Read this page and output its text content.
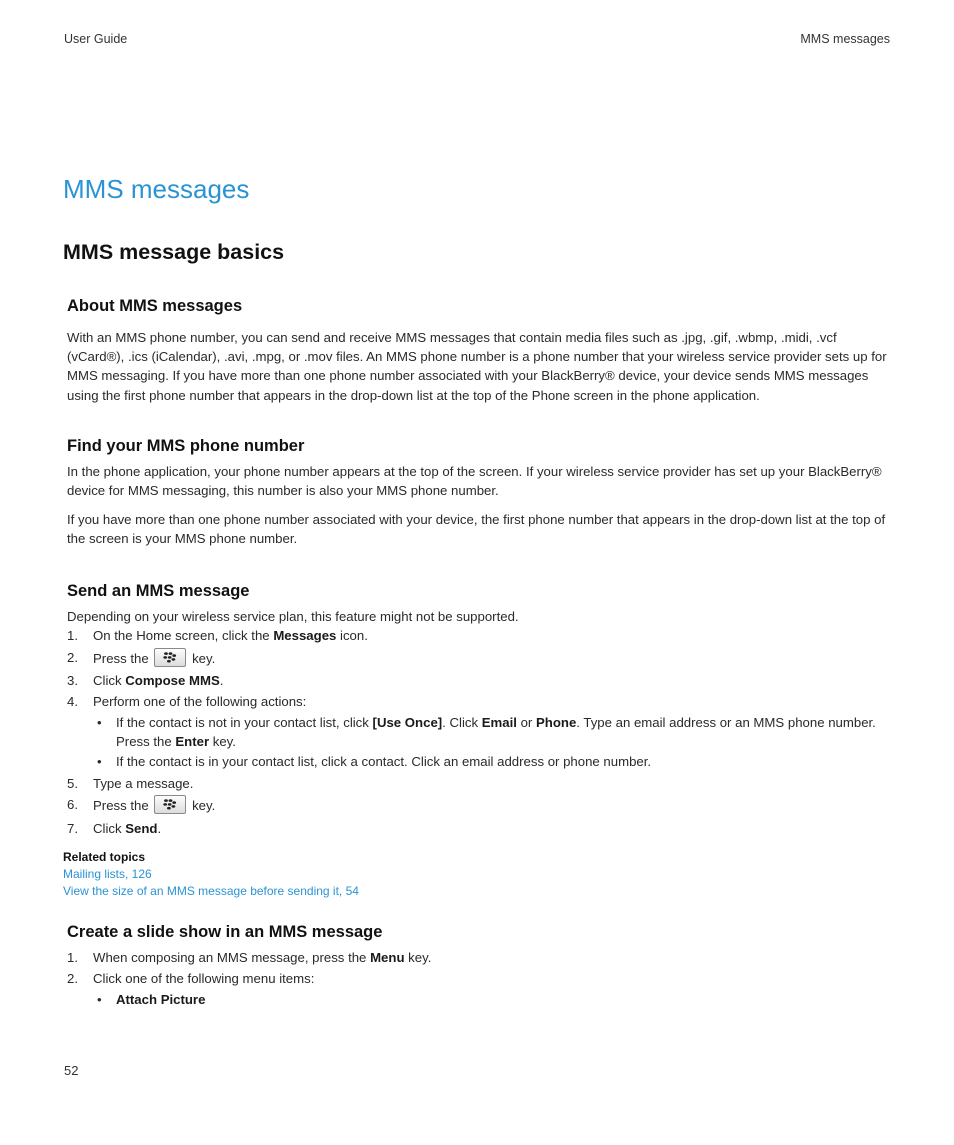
User Guide	MMS messages
MMS messages
MMS message basics
About MMS messages

With an MMS phone number, you can send and receive MMS messages that contain media files such as .jpg, .gif, .wbmp, .midi, .vcf (vCard®), .ics (iCalendar), .avi, .mpg, or .mov files. An MMS phone number is a phone number that your wireless service provider sets up for MMS messaging. If you have more than one phone number associated with your BlackBerry® device, your device sends MMS messages using the first phone number that appears in the drop-down list at the top of the Phone screen in the phone application.

Find your MMS phone number

In the phone application, your phone number appears at the top of the screen. If your wireless service provider has set up your BlackBerry® device for MMS messaging, this number is also your MMS phone number.

If you have more than one phone number associated with your device, the first phone number that appears in the drop-down list at the top of the screen is your MMS phone number.

Send an MMS message

Depending on your wireless service plan, this feature might not be supported.

1. On the Home screen, click the Messages icon.
2. Press the	key.
3. Click Compose MMS.
4. Perform one of the following actions:
• If the contact is not in your contact list, click [Use Once]. Click Email or Phone. Type an email address or an MMS phone number. Press the Enter key.
• If the contact is in your contact list, click a contact. Click an email address or phone number.
5. Type a message.
6. Press the	key.
7. Click Send.
Related topics
Mailing lists, 126
View the size of an MMS message before sending it, 54
Create a slide show in an MMS message
1. When composing an MMS message, press the Menu key.
2. Click one of the following menu items:
• Attach Picture
52
